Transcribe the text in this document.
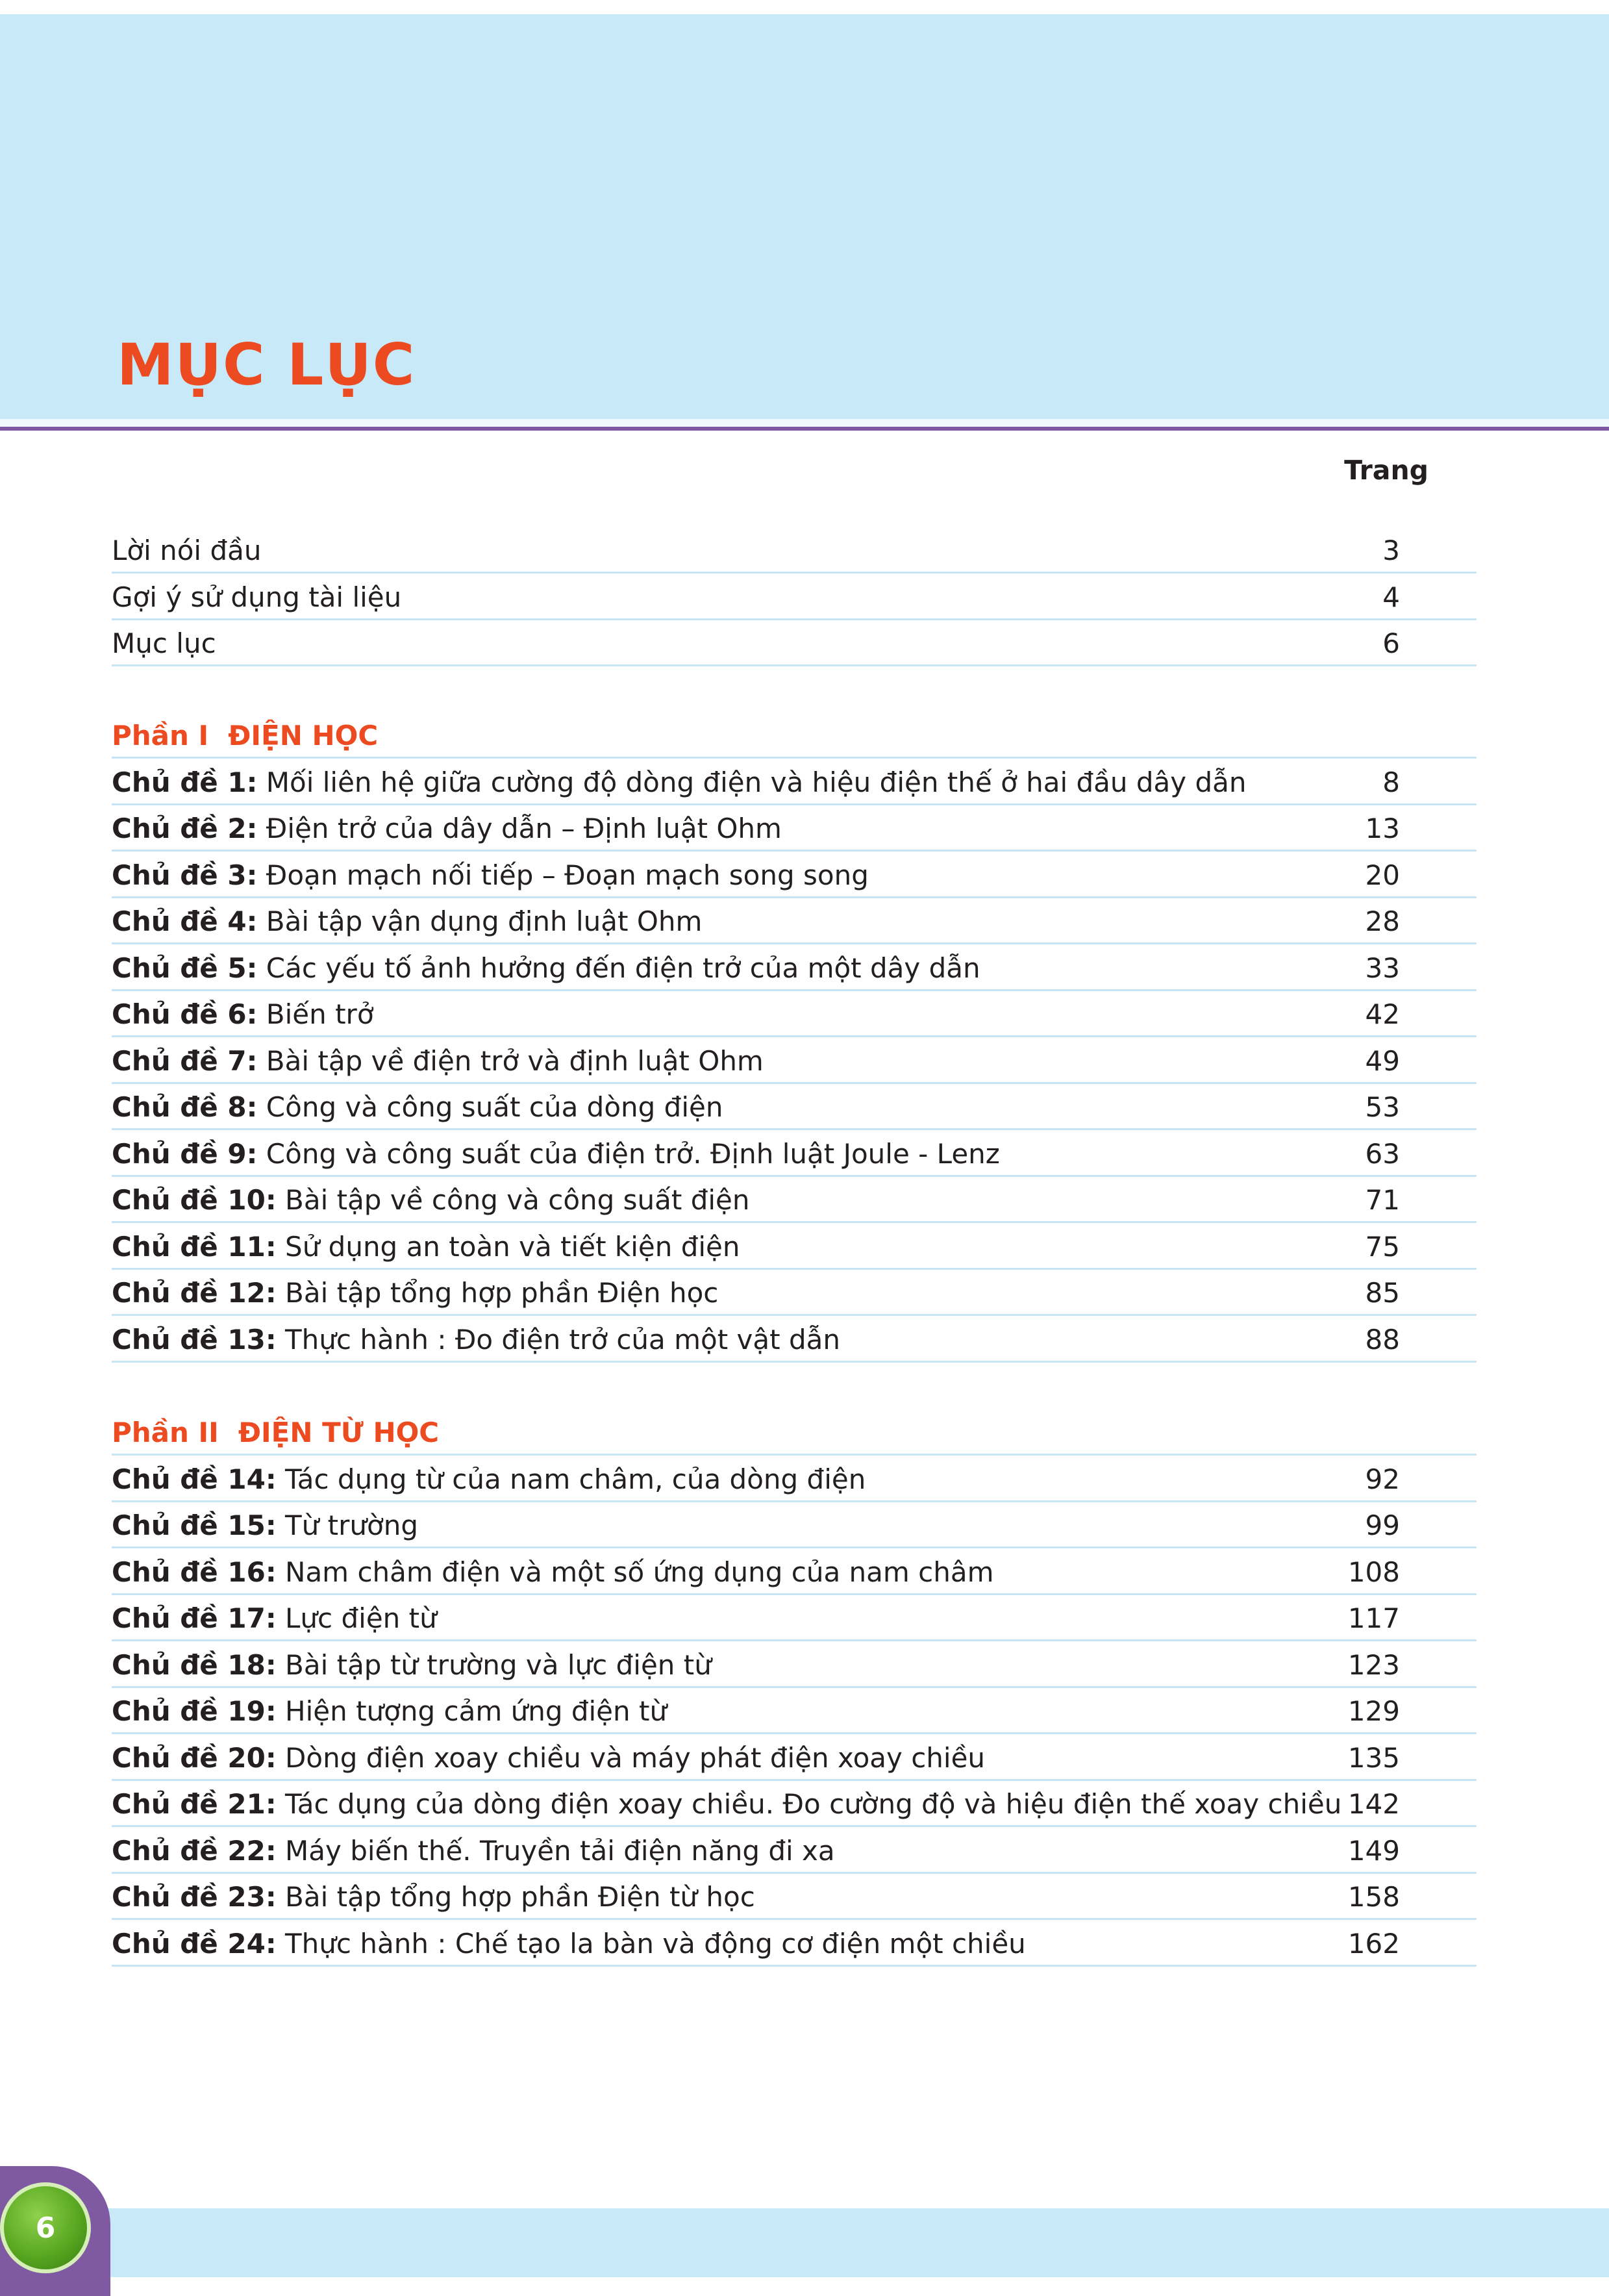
MỤC LỤC
Trang
Lời nói đầu	3
Gợi ý sử dụng tài liệu	4
Mục lục	6
Phần I ĐIỆN HỌC
Chủ đề 1: Mối liên hệ giữa cường độ dòng điện và hiệu điện thế ở hai đầu dây dẫn	8
Chủ đề 2: Điện trở của dây dẫn – Định luật Ohm	13
Chủ đề 3: Đoạn mạch nối tiếp – Đoạn mạch song song	20
Chủ đề 4: Bài tập vận dụng định luật Ohm	28
Chủ đề 5: Các yếu tố ảnh hưởng đến điện trở của một dây dẫn	33
Chủ đề 6: Biến trở	42
Chủ đề 7: Bài tập về điện trở và định luật Ohm	49
Chủ đề 8: Công và công suất của dòng điện	53
Chủ đề 9: Công và công suất của điện trở. Định luật Joule - Lenz	63
Chủ đề 10: Bài tập về công và công suất điện	71
Chủ đề 11: Sử dụng an toàn và tiết kiện điện	75
Chủ đề 12: Bài tập tổng hợp phần Điện học	85
Chủ đề 13: Thực hành : Đo điện trở của một vật dẫn	88
Phần II ĐIỆN TỪ HỌC
Chủ đề 14: Tác dụng từ của nam châm, của dòng điện	92
Chủ đề 15: Từ trường	99
Chủ đề 16: Nam châm điện và một số ứng dụng của nam châm	108
Chủ đề 17: Lực điện từ	117
Chủ đề 18: Bài tập từ trường và lực điện từ	123
Chủ đề 19: Hiện tượng cảm ứng điện từ	129
Chủ đề 20: Dòng điện xoay chiều và máy phát điện xoay chiều	135
Chủ đề 21: Tác dụng của dòng điện xoay chiều. Đo cường độ và hiệu điện thế xoay chiều 142
Chủ đề 22: Máy biến thế. Truyền tải điện năng đi xa	149
Chủ đề 23: Bài tập tổng hợp phần Điện từ học	158
Chủ đề 24: Thực hành : Chế tạo la bàn và động cơ điện một chiều	162
6
